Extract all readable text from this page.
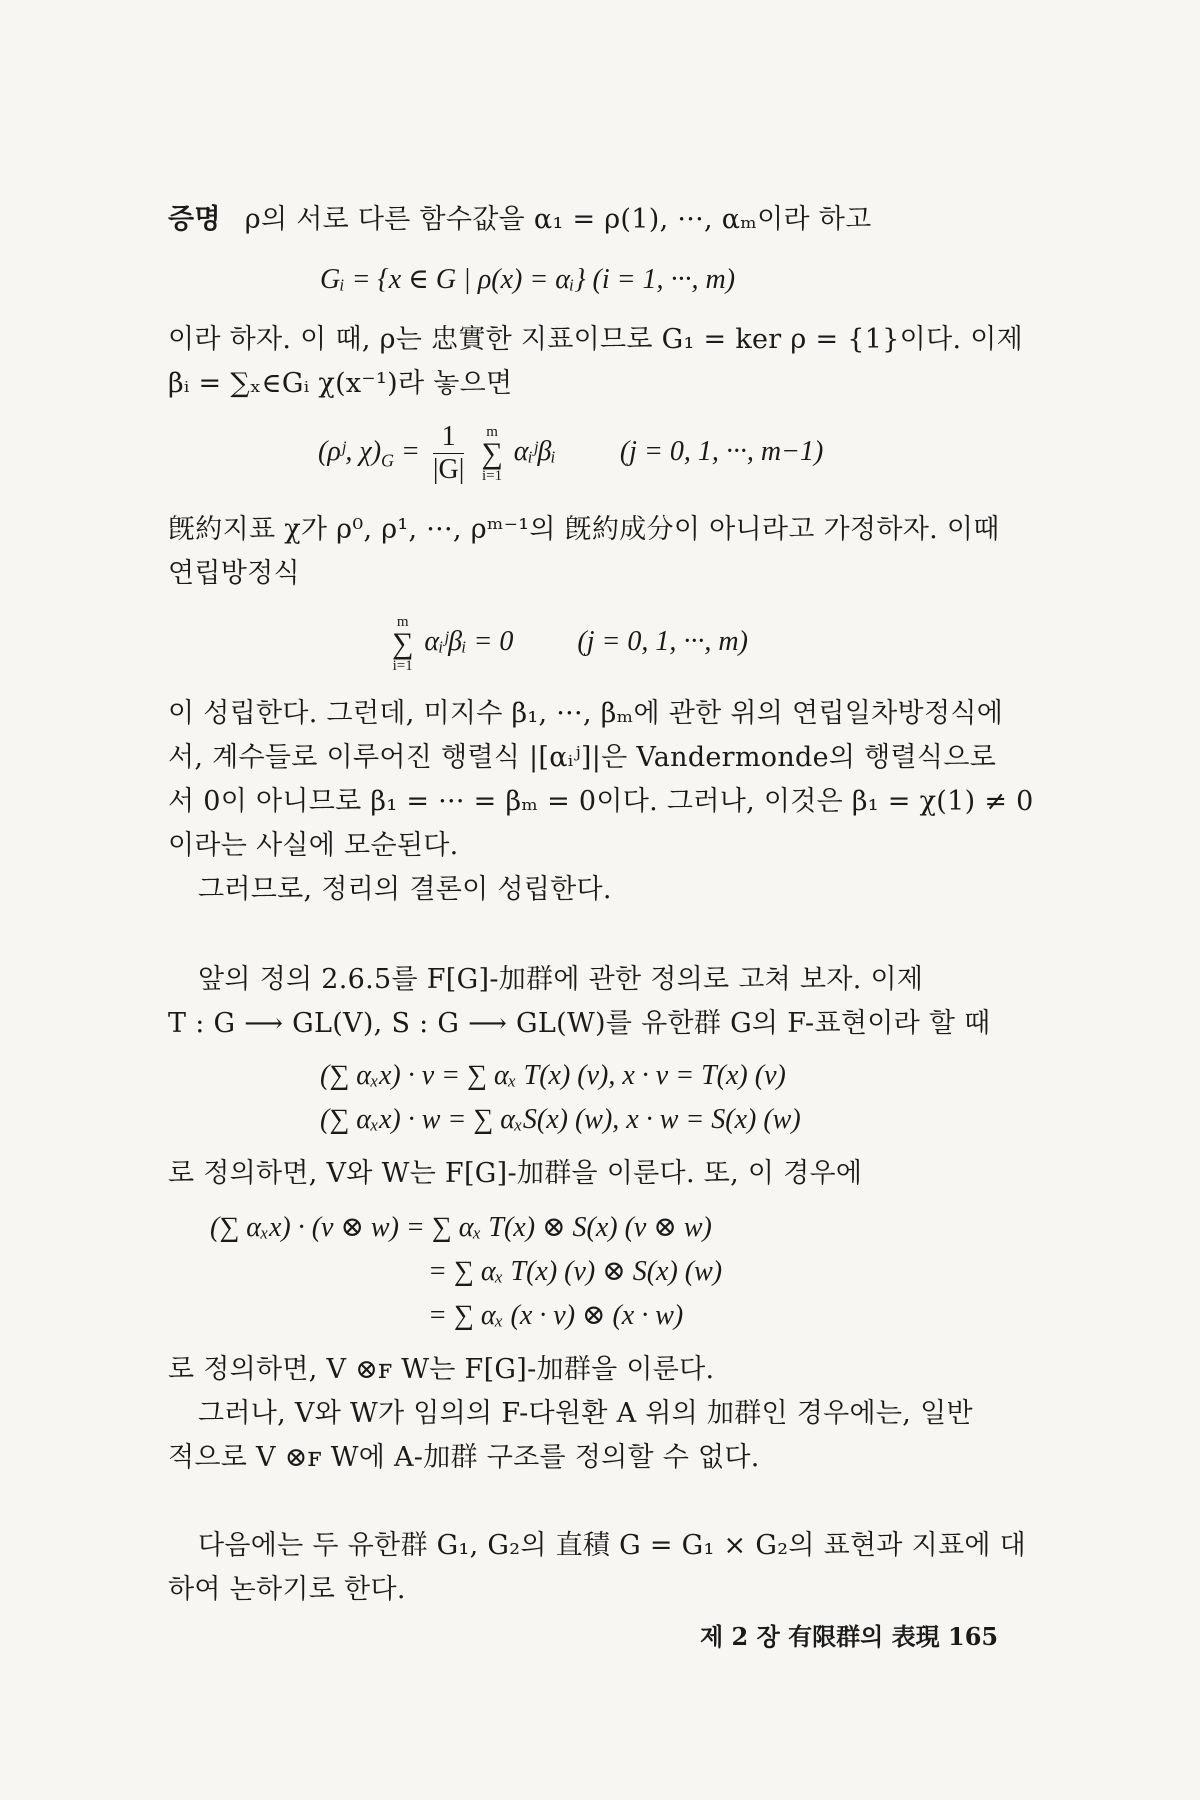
증명 ρ의 서로 다른 함수값을 α₁ = ρ(1), ···, αₘ이라 하고
Gᵢ = {x ∈ G | ρ(x) = αᵢ} (i = 1, ···, m)
이라 하자. 이 때, ρ는 忠實한 지표이므로 G₁ = ker ρ = {1}이다. 이제
βᵢ = ∑ₓ∈Gᵢ χ(x⁻¹)라 놓으면
(ρʲ, $\chi)_G = \frac{1}{|G|}$
	m
∑
i=1
αᵢʲβᵢ (j = 0, 1, ···, m−1)
旣約지표 χ가 ρ⁰, ρ¹, ···, ρᵐ⁻¹의 旣約成分이 아니라고 가정하자. 이때
연립방정식
m
∑
i=1
αᵢʲβᵢ = 0 (j = 0, 1, ···, m)
이 성립한다. 그런데, 미지수 β₁, ···, βₘ에 관한 위의 연립일차방정식에
서, 계수들로 이루어진 행렬식 |[αᵢʲ]|은 Vandermonde의 행렬식으로
서 0이 아니므로 β₁ = ··· = βₘ = 0이다. 그러나, 이것은 β₁ = χ(1) ≠ 0
이라는 사실에 모순된다.
그러므로, 정리의 결론이 성립한다.
앞의 정의 2.6.5를 F[G]-加群에 관한 정의로 고쳐 보자. 이제
T : G ⟶ GL(V), S : G ⟶ GL(W)를 유한群 G의 F-표현이라 할 때
(∑ αₓx) · v = ∑ αₓ T(x) (v), x · v = T(x) (v)
(∑ αₓx) · w = ∑ αₓS(x) (w), x · w = S(x) (w)
로 정의하면, V와 W는 F[G]-加群을 이룬다. 또, 이 경우에
(∑ αₓx) · (v ⊗ w) = ∑ αₓ T(x) ⊗ S(x) (v ⊗ w)
= ∑ αₓ T(x) (v) ⊗ S(x) (w)
= ∑ αₓ (x · v) ⊗ (x · w)
로 정의하면, V ⊗ꜰ W는 F[G]-加群을 이룬다.
그러나, V와 W가 임의의 F-다원환 A 위의 加群인 경우에는, 일반
적으로 V ⊗ꜰ W에 A-加群 구조를 정의할 수 없다.
다음에는 두 유한群 G₁, G₂의 直積 G = G₁ × G₂의 표현과 지표에 대
하여 논하기로 한다.
제 2 장 有限群의 表現 165
